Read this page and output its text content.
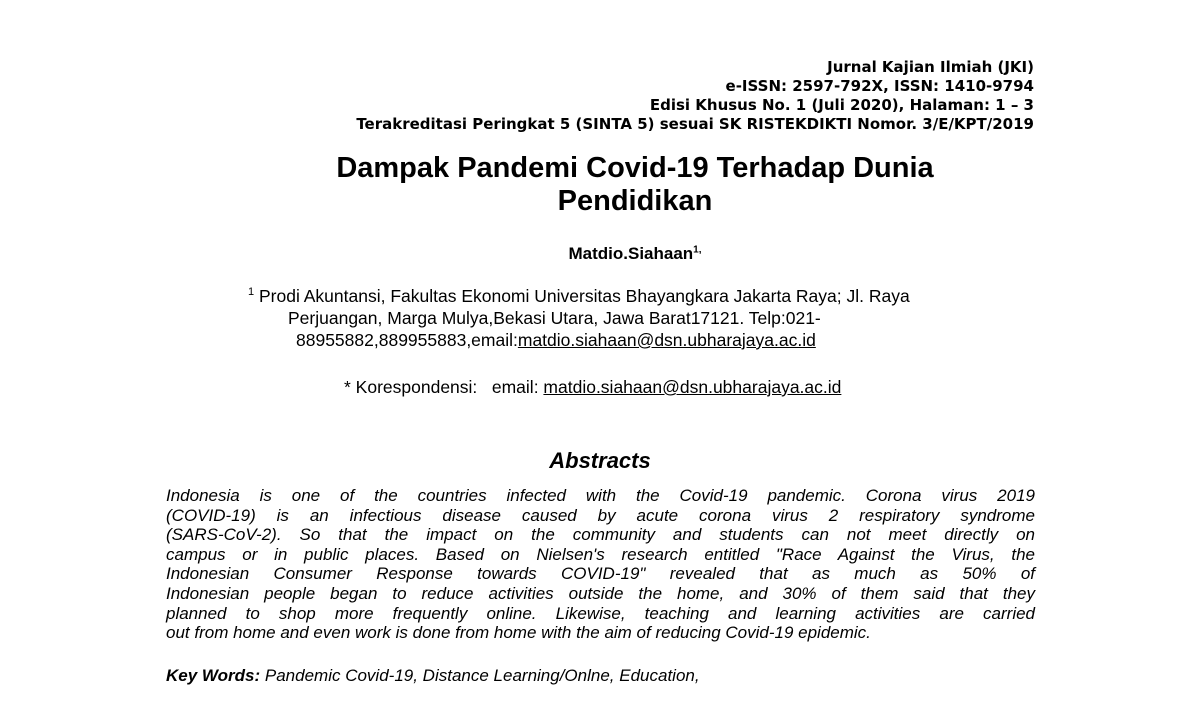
Jurnal Kajian Ilmiah (JKI)
e-ISSN: 2597-792X, ISSN: 1410-9794
Edisi Khusus No. 1 (Juli 2020), Halaman: 1 – 3
Terakreditasi Peringkat 5 (SINTA 5) sesuai SK RISTEKDIKTI Nomor. 3/E/KPT/2019
Dampak Pandemi Covid-19 Terhadap Dunia
Pendidikan
Matdio.Siahaan$^{1,}$
$^1$ Prodi Akuntansi, Fakultas Ekonomi Universitas Bhayangkara Jakarta Raya; Jl. Raya
Perjuangan, Marga Mulya,Bekasi Utara, Jawa Barat17121. Telp:021-
88955882,889955883,email:matdio.siahaan@dsn.ubharajaya.ac.id
* Korespondensi:   email: matdio.siahaan@dsn.ubharajaya.ac.id
Abstracts
Indonesia is one of the countries infected with the Covid-19 pandemic. Corona virus 2019
(COVID-19) is an infectious disease caused by acute corona virus 2 respiratory syndrome
(SARS-CoV-2). So that the impact on the community and students can not meet directly on
campus or in public places. Based on Nielsen's research entitled "Race Against the Virus, the
Indonesian Consumer Response towards COVID-19" revealed that as much as 50% of
Indonesian people began to reduce activities outside the home, and 30% of them said that they
planned to shop more frequently online. Likewise, teaching and learning activities are carried
out from home and even work is done from home with the aim of reducing Covid-19 epidemic.
Key Words: Pandemic Covid-19, Distance Learning/Onlne, Education,
